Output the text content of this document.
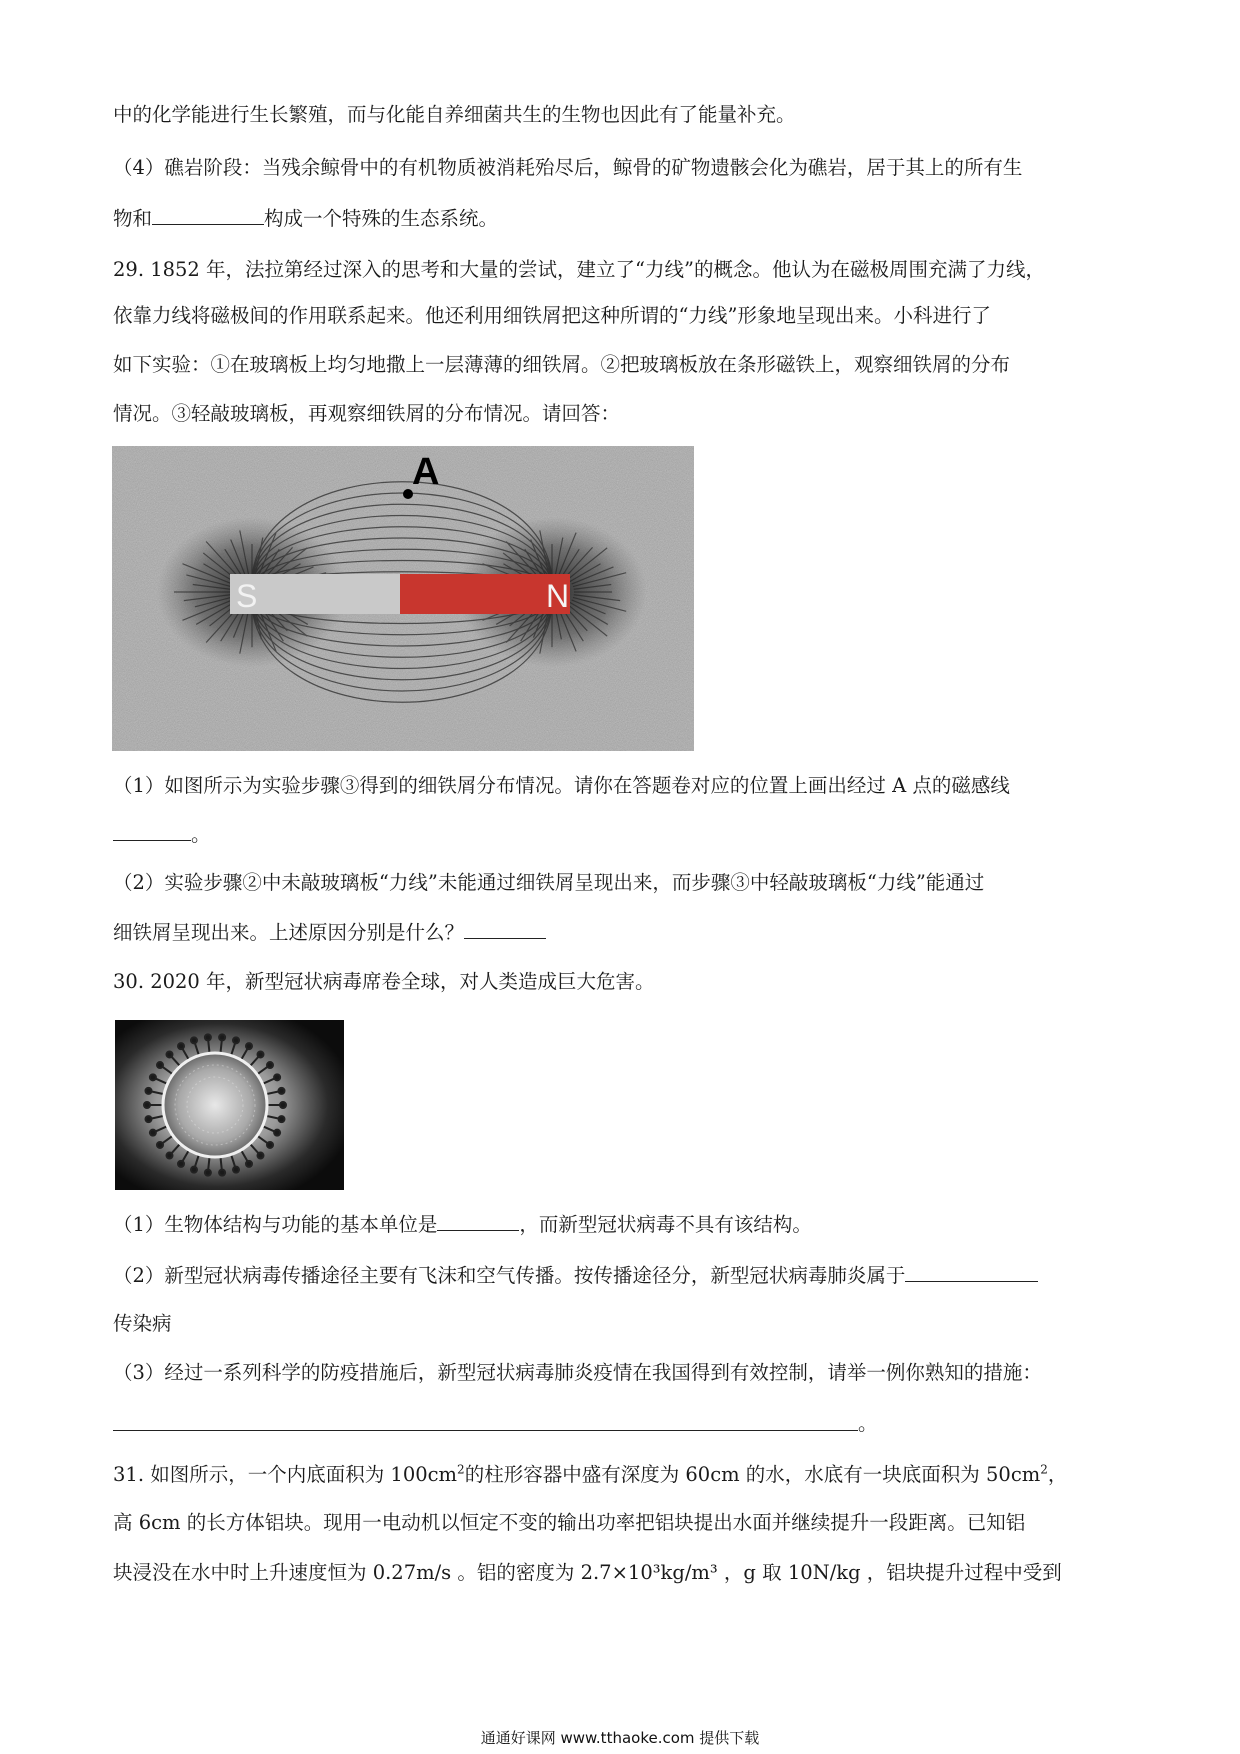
中的化学能进行生长繁殖，而与化能自养细菌共生的生物也因此有了能量补充。
（4）礁岩阶段：当残余鲸骨中的有机物质被消耗殆尽后，鲸骨的矿物遗骸会化为礁岩，居于其上的所有生
物和	构成一个特殊的生态系统。
29. 1852 年，法拉第经过深入的思考和大量的尝试，建立了“力线”的概念。他认为在磁极周围充满了力线，
依靠力线将磁极间的作用联系起来。他还利用细铁屑把这种所谓的“力线”形象地呈现出来。小科进行了
如下实验：①在玻璃板上均匀地撒上一层薄薄的细铁屑。②把玻璃板放在条形磁铁上，观察细铁屑的分布
情况。③轻敲玻璃板，再观察细铁屑的分布情况。请回答：
S	N
A
（1）如图所示为实验步骤③得到的细铁屑分布情况。请你在答题卷对应的位置上画出经过 A 点的磁感线
。
（2）实验步骤②中未敲玻璃板“力线”未能通过细铁屑呈现出来，而步骤③中轻敲玻璃板“力线”能通过
细铁屑呈现出来。上述原因分别是什么？
30. 2020 年，新型冠状病毒席卷全球，对人类造成巨大危害。
（1）生物体结构与功能的基本单位是	，而新型冠状病毒不具有该结构。
（2）新型冠状病毒传播途径主要有飞沫和空气传播。按传播途径分，新型冠状病毒肺炎属于
传染病
（3）经过一系列科学的防疫措施后，新型冠状病毒肺炎疫情在我国得到有效控制，请举一例你熟知的措施：
。
31. 如图所示，一个内底面积为 $100cm^2$的柱形容器中盛有深度为 60cm 的水，水底有一块底面积为 $50cm^2$，
高 6cm 的长方体铝块。现用一电动机以恒定不变的输出功率把铝块提出水面并继续提升一段距离。已知铝
块浸没在水中时上升速度恒为 0.27m/s 。铝的密度为 2.7×10³kg/m³ ，g 取 10N/kg ，铝块提升过程中受到
通通好课网 www.tthaoke.com 提供下载
